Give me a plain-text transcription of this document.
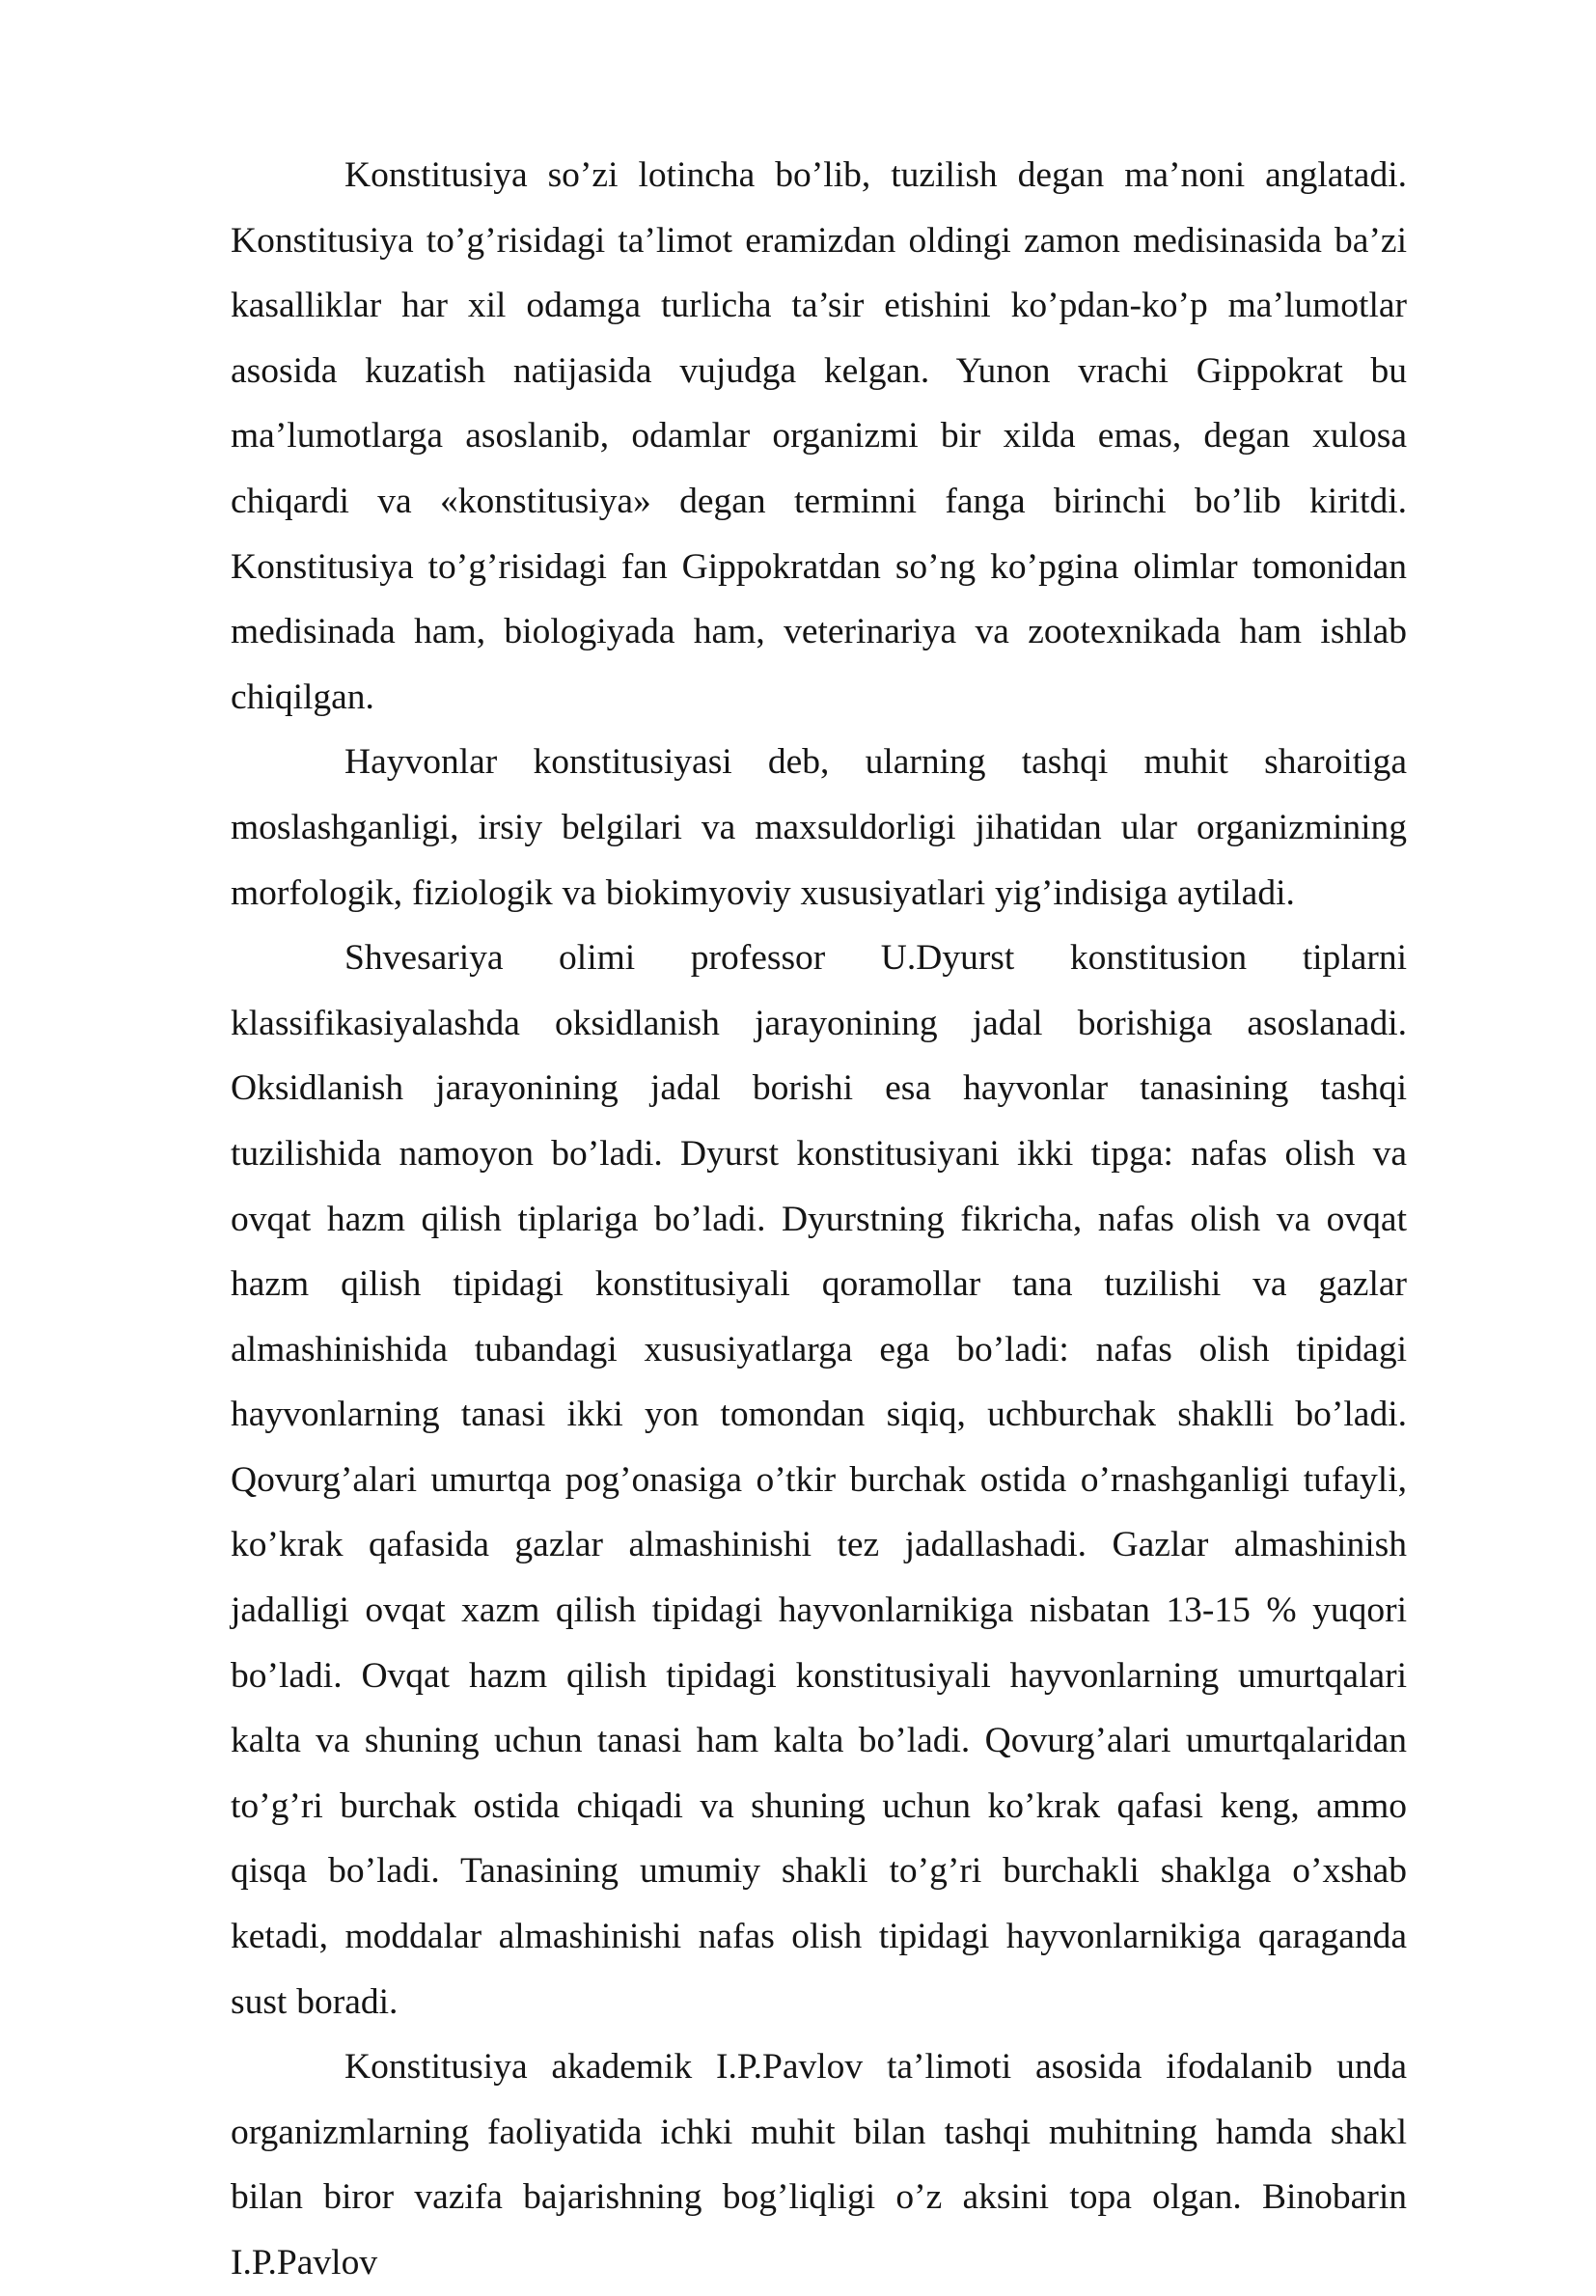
Konstitusiya so’zi lotincha bo’lib, tuzilish degan ma’noni anglatadi. Konstitusiya to’g’risidagi ta’limot eramizdan oldingi zamon medisinasida ba’zi kasalliklar har xil odamga turlicha ta’sir etishini ko’pdan-ko’p ma’lumotlar asosida kuzatish natijasida vujudga kelgan. Yunon vrachi Gippokrat bu ma’lumotlarga asoslanib, odamlar organizmi bir xilda emas, degan xulosa chiqardi va «konstitusiya» degan terminni fanga birinchi bo’lib kiritdi. Konstitusiya to’g’risidagi fan Gippokratdan so’ng ko’pgina olimlar tomonidan medisinada ham, biologiyada ham, veterinariya va zootexnikada ham ishlab chiqilgan.

Hayvonlar konstitusiyasi deb, ularning tashqi muhit sharoitiga moslashganligi, irsiy belgilari va maxsuldorligi jihatidan ular organizmining morfologik, fiziologik va biokimyoviy xususiyatlari yig’indisiga aytiladi.

Shvesariya olimi professor U.Dyurst konstitusion tiplarni klassifikasiyalashda oksidlanish jarayonining jadal borishiga asoslanadi. Oksidlanish jarayonining jadal borishi esa hayvonlar tanasining tashqi tuzilishida namoyon bo’ladi. Dyurst konstitusiyani ikki tipga: nafas olish va ovqat hazm qilish tiplariga bo’ladi. Dyurstning fikricha, nafas olish va ovqat hazm qilish tipidagi konstitusiyali qoramollar tana tuzilishi va gazlar almashinishida tubandagi xususiyatlarga ega bo’ladi: nafas olish tipidagi hayvonlarning tanasi ikki yon tomondan siqiq, uchburchak shaklli bo’ladi. Qovurg’alari umurtqa pog’onasiga o’tkir burchak ostida o’rnashganligi tufayli, ko’krak qafasida gazlar almashinishi tez jadallashadi. Gazlar almashinish jadalligi ovqat xazm qilish tipidagi hayvonlarnikiga nisbatan 13-15 % yuqori bo’ladi. Ovqat hazm qilish tipidagi konstitusiyali hayvonlarning umurtqalari kalta va shuning uchun tanasi ham kalta bo’ladi. Qovurg’alari umurtqalaridan to’g’ri burchak ostida chiqadi va shuning uchun ko’krak qafasi keng, ammo qisqa bo’ladi. Tanasining umumiy shakli to’g’ri burchakli shaklga o’xshab ketadi, moddalar almashinishi nafas olish tipidagi hayvonlarnikiga qaraganda sust boradi.

Konstitusiya akademik I.P.Pavlov ta’limoti asosida ifodalanib unda organizmlarning faoliyatida ichki muhit bilan tashqi muhitning hamda shakl bilan biror vazifa bajarishning bog’liqligi o’z aksini topa olgan. Binobarin I.P.Pavlov
